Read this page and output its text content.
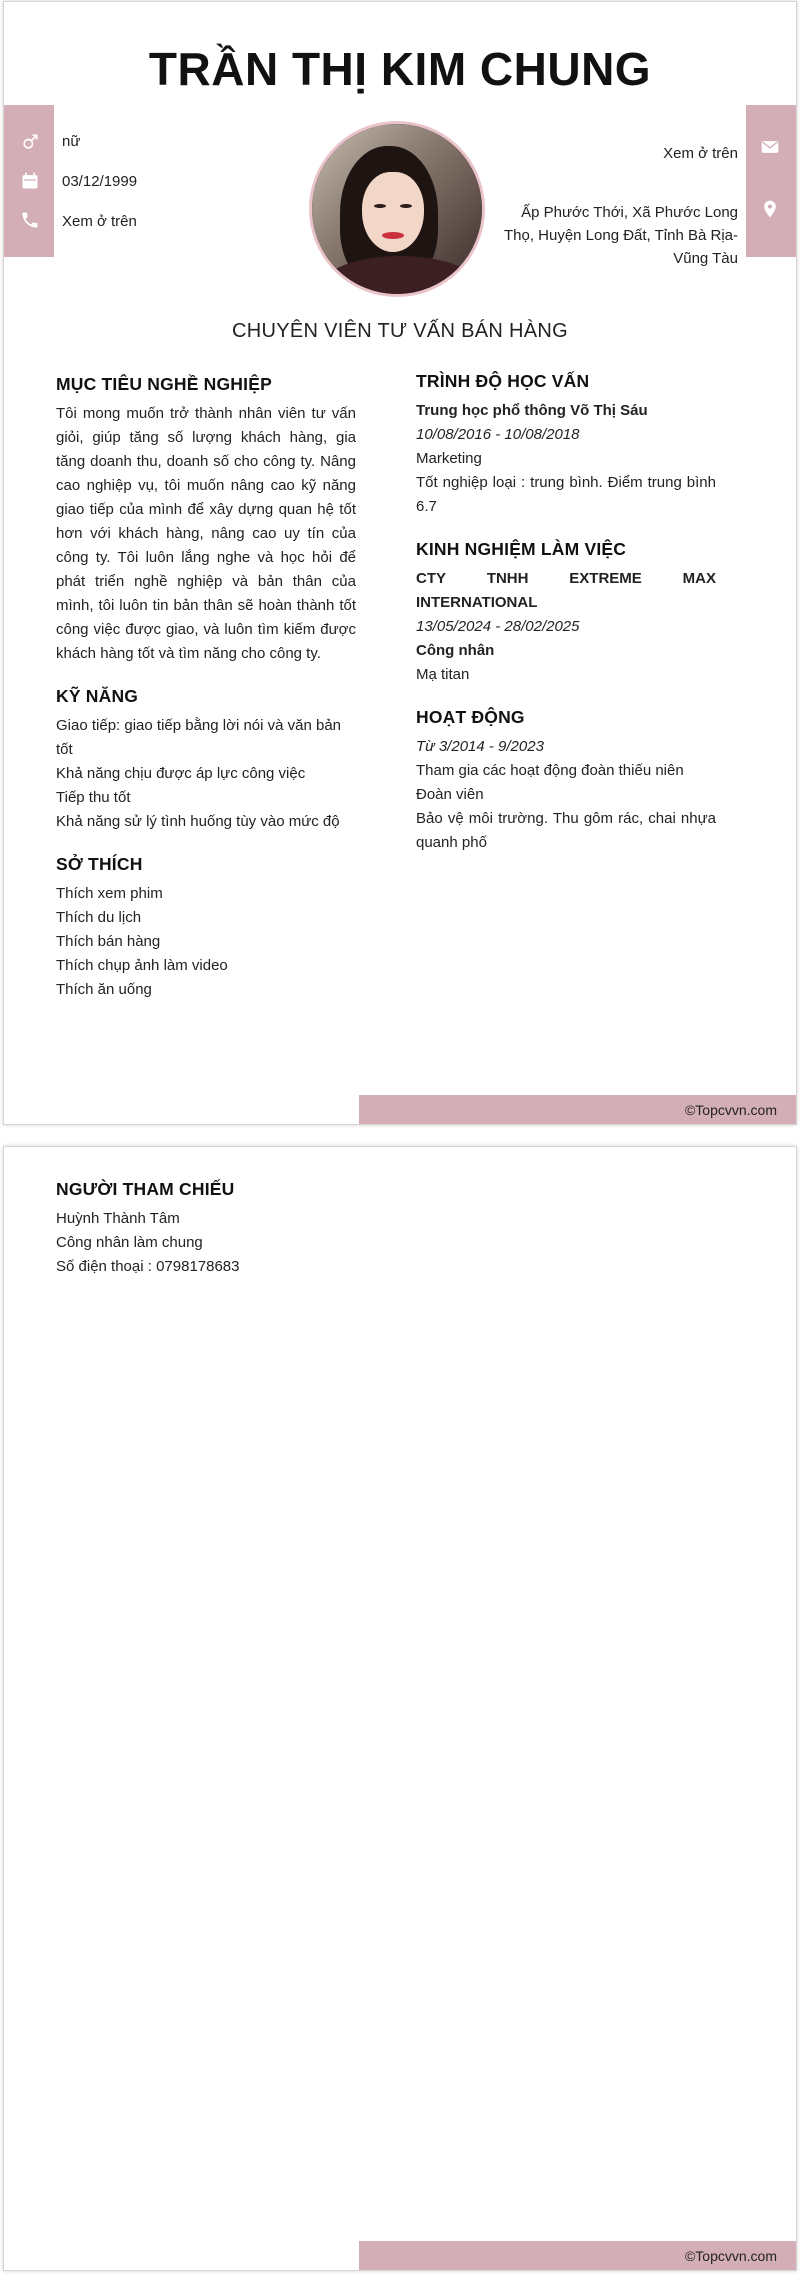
TRẦN THỊ KIM CHUNG
nữ
03/12/1999
Xem ở trên
Xem ở trên
Ấp Phước Thới, Xã Phước Long Thọ, Huyện Long Đất, Tỉnh Bà Rịa-Vũng Tàu
CHUYÊN VIÊN TƯ VẤN BÁN HÀNG
MỤC TIÊU NGHỀ NGHIỆP
Tôi mong muốn trở thành nhân viên tư vấn giỏi, giúp tăng số lượng khách hàng, gia tăng doanh thu, doanh số cho công ty. Nâng cao nghiệp vụ, tôi muốn nâng cao kỹ năng giao tiếp của mình để xây dựng quan hệ tốt hơn với khách hàng, nâng cao uy tín của công ty. Tôi luôn lắng nghe và học hỏi để phát triển nghề nghiệp và bản thân của mình, tôi luôn tin bản thân sẽ hoàn thành tốt công việc được giao, và luôn tìm kiếm được khách hàng tốt và tìm năng cho công ty.
KỸ NĂNG
Giao tiếp: giao tiếp bằng lời nói và văn bản tốt
Khả năng chịu được áp lực công việc
Tiếp thu tốt
Khả năng sử lý tình huống tùy vào mức độ
SỞ THÍCH
Thích xem phim
Thích du lịch
Thích bán hàng
Thích chụp ảnh làm video
Thích ăn uống
TRÌNH ĐỘ HỌC VẤN
Trung học phổ thông Võ Thị Sáu
10/08/2016 - 10/08/2018
Marketing
Tốt nghiệp loại : trung bình. Điểm trung bình 6.7
KINH NGHIỆM LÀM VIỆC
CTY	TNHH	EXTREME	MAX
INTERNATIONAL
13/05/2024 - 28/02/2025
Công nhân
Mạ titan
HOẠT ĐỘNG
Từ 3/2014 - 9/2023
Tham gia các hoạt động đoàn thiếu niên
Đoàn viên
Bảo vệ môi trường. Thu gôm rác, chai nhựa quanh phố
©Topcvvn.com
NGƯỜI THAM CHIẾU
Huỳnh Thành Tâm
Công nhân làm chung
Số điện thoại : 0798178683
©Topcvvn.com
